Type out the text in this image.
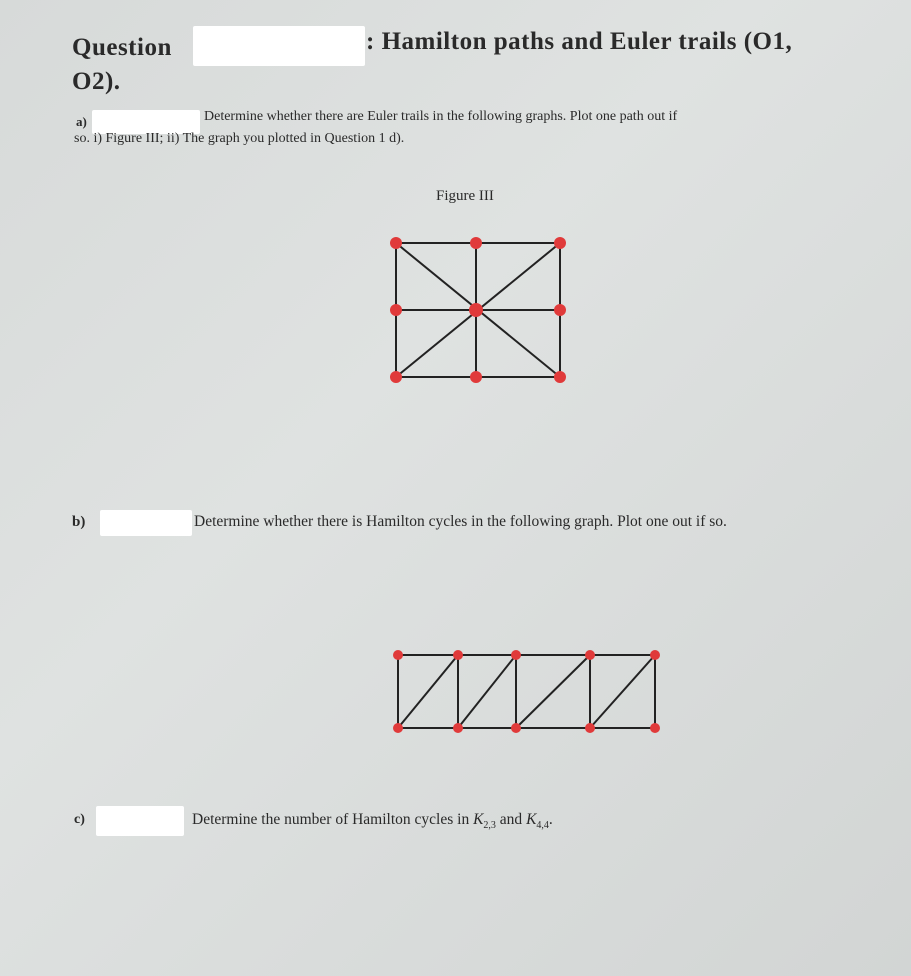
Question	: Hamilton paths and Euler trails (O1,
O2).
a)	Determine whether there are Euler trails in the following graphs. Plot one path out if
so. i) Figure III; ii) The graph you plotted in Question 1 d).
Figure III
b)	Determine whether there is Hamilton cycles in the following graph. Plot one out if so.
c)	Determine the number of Hamilton cycles in $K_{2,3}$ and $K_{4,4}$.
